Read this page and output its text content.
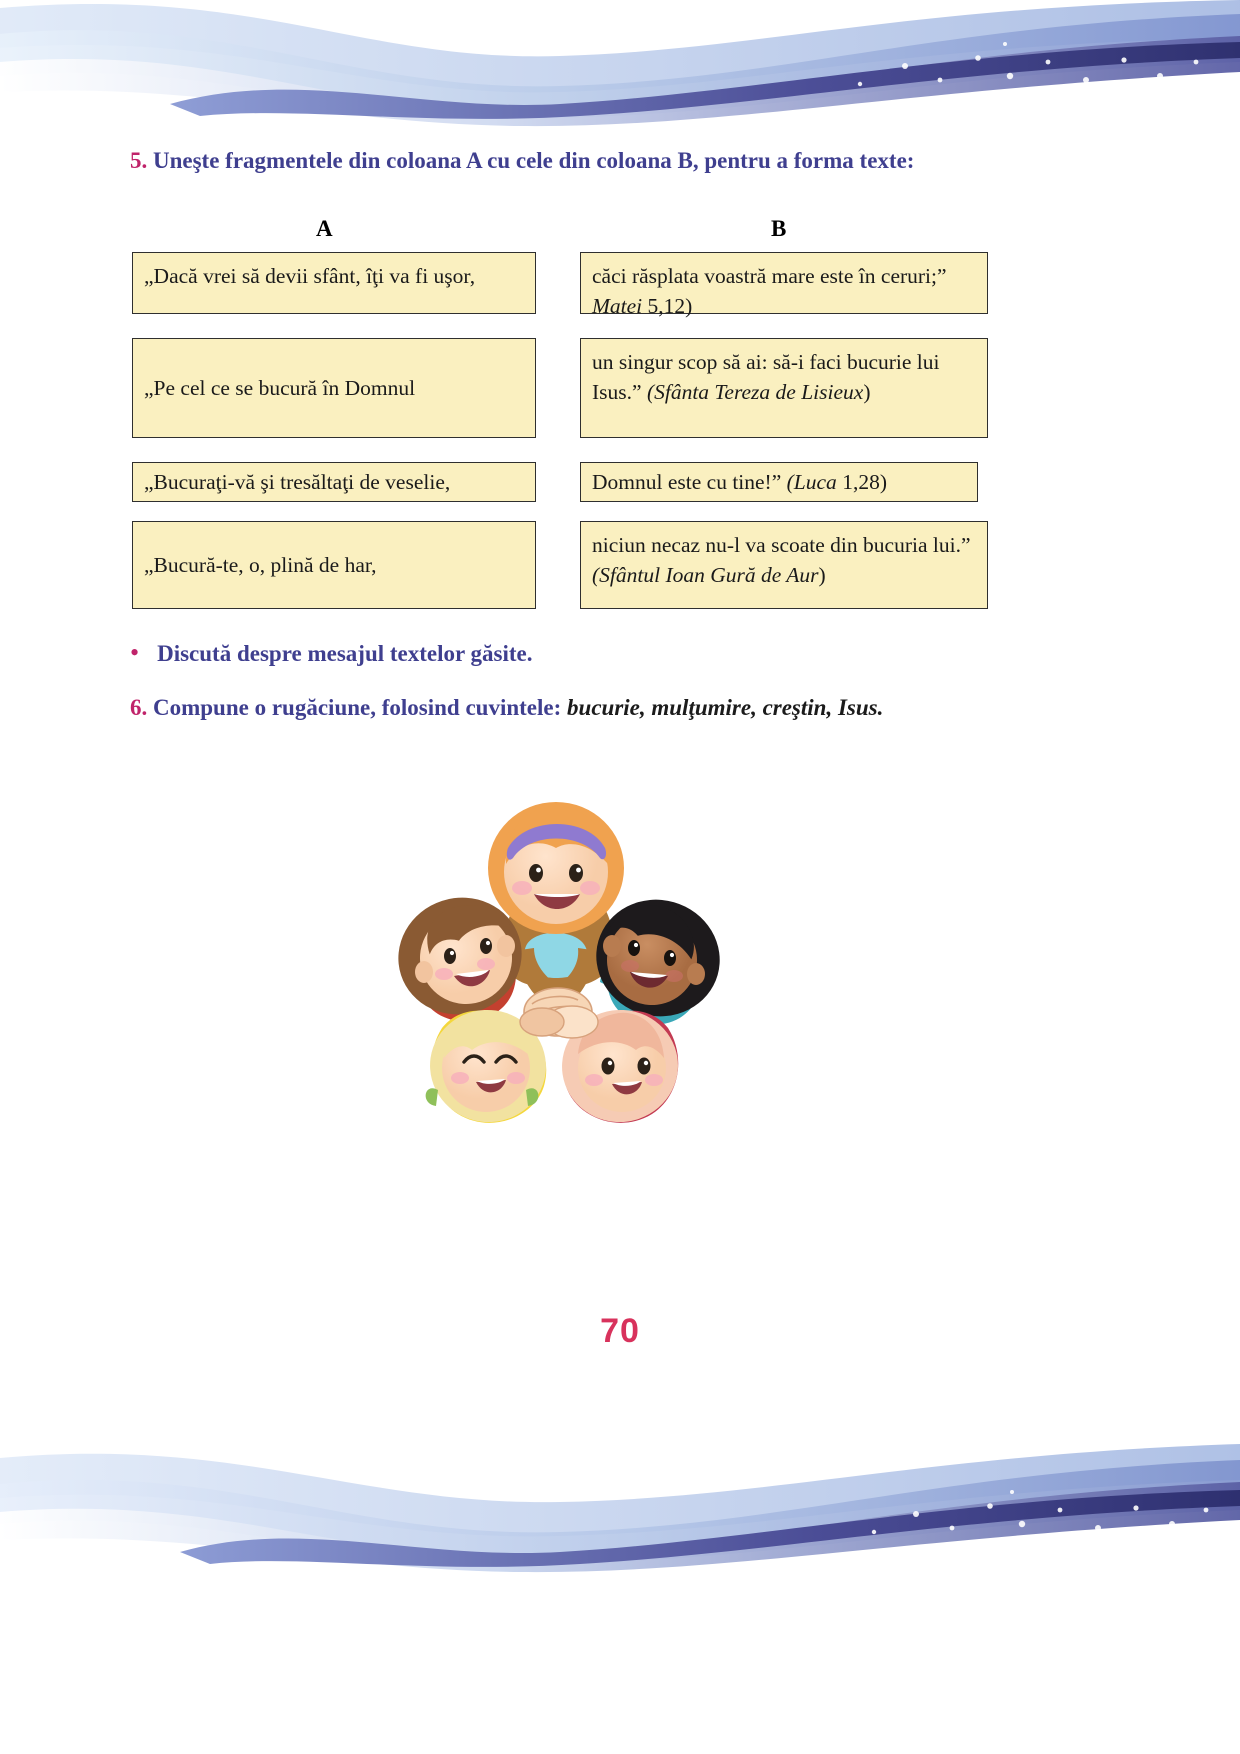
5. Uneşte fragmentele din coloana A cu cele din coloana B, pentru a forma texte:
A	B
„Dacă vrei să devii sfânt, îţi va fi uşor,
„Pe cel ce se bucură în Domnul
„Bucuraţi-vă şi tresăltaţi de veselie,
„Bucură-te, o, plină de har,
căci răsplata voastră mare este în ceruri;” Matei 5,12)
un singur scop să ai: să-i faci bucurie lui Isus.” (Sfânta Tereza de Lisieux)
Domnul este cu tine!” (Luca 1,28)
niciun necaz nu-l va scoate din bucuria lui.” (Sfântul Ioan Gură de Aur)
• Discută despre mesajul textelor găsite.
6. Compune o rugăciune, folosind cuvintele: bucurie, mulţumire, creştin, Isus.
70
